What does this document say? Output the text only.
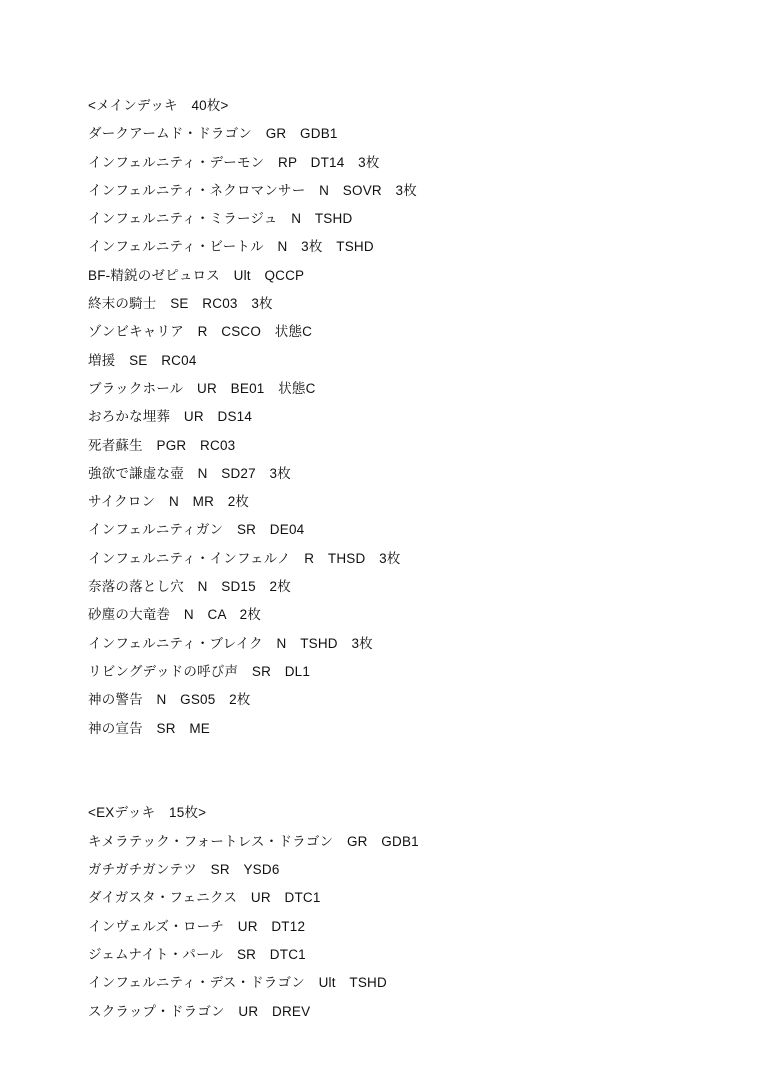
<メインデッキ　40枚>
ダークアームド・ドラゴン　GR　GDB1
インフェルニティ・デーモン　RP　DT14　3枚
インフェルニティ・ネクロマンサー　N　SOVR　3枚
インフェルニティ・ミラージュ　N　TSHD
インフェルニティ・ビートル　N　3枚　TSHD
BF-精鋭のゼピュロス　Ult　QCCP
終末の騎士　SE　RC03　3枚
ゾンビキャリア　R　CSCO　状態C
増援　SE　RC04
ブラックホール　UR　BE01　状態C
おろかな埋葬　UR　DS14
死者蘇生　PGR　RC03
強欲で謙虚な壺　N　SD27　3枚
サイクロン　N　MR　2枚
インフェルニティガン　SR　DE04
インフェルニティ・インフェルノ　R　THSD　3枚
奈落の落とし穴　N　SD15　2枚
砂塵の大竜巻　N　CA　2枚
インフェルニティ・ブレイク　N　TSHD　3枚
リビングデッドの呼び声　SR　DL1
神の警告　N　GS05　2枚
神の宣告　SR　ME
<EXデッキ　15枚>
キメラテック・フォートレス・ドラゴン　GR　GDB1
ガチガチガンテツ　SR　YSD6
ダイガスタ・フェニクス　UR　DTC1
インヴェルズ・ローチ　UR　DT12
ジェムナイト・パール　SR　DTC1
インフェルニティ・デス・ドラゴン　Ult　TSHD
スクラップ・ドラゴン　UR　DREV
